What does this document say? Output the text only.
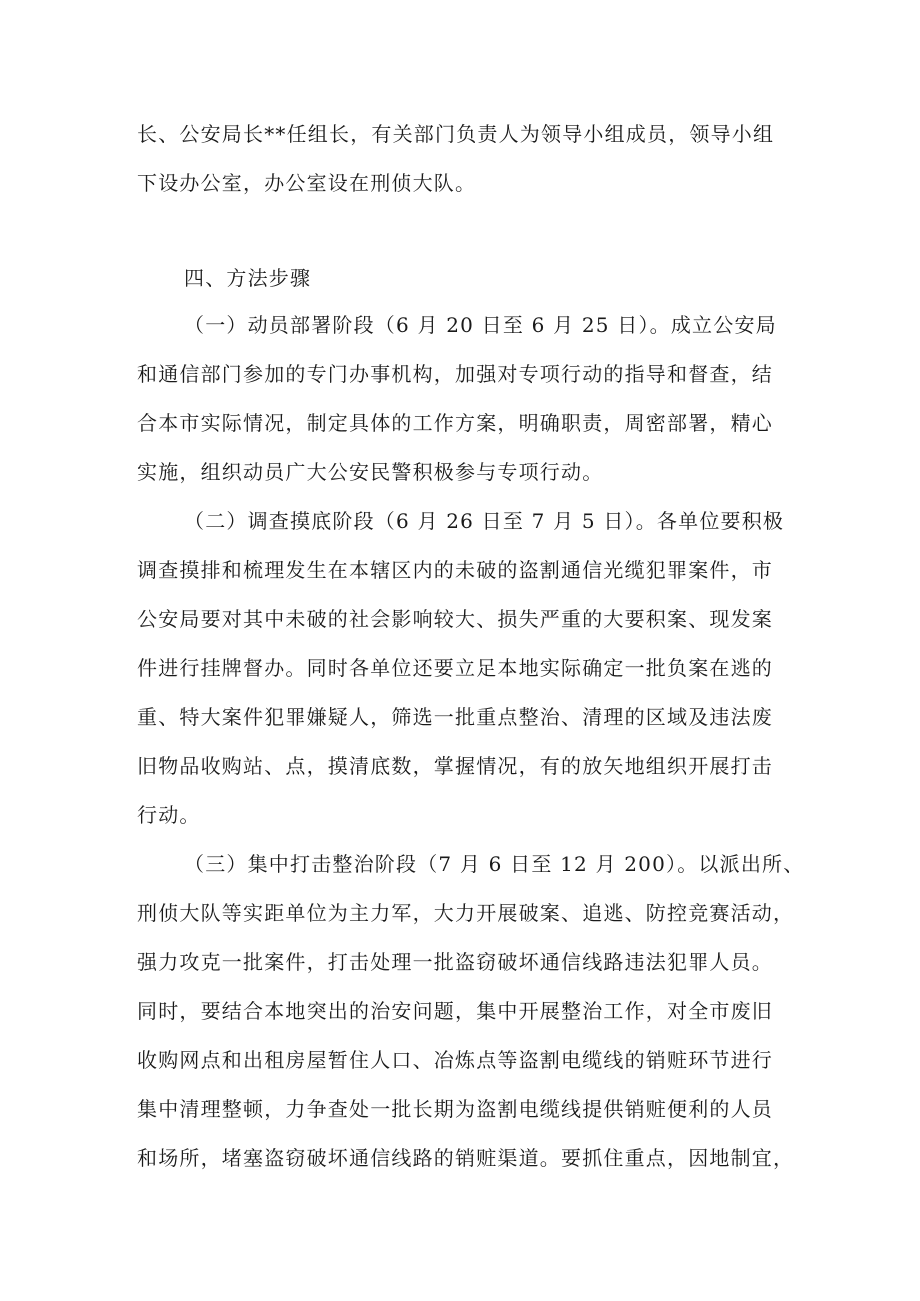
长、公安局长**任组长，有关部门负责人为领导小组成员，领导小组
下设办公室，办公室设在刑侦大队。
四、方法步骤
（一）动员部署阶段（6 月 20 日至 6 月 25 日）。成立公安局
和通信部门参加的专门办事机构，加强对专项行动的指导和督查，结
合本市实际情况，制定具体的工作方案，明确职责，周密部署，精心
实施，组织动员广大公安民警积极参与专项行动。
（二）调查摸底阶段（6 月 26 日至 7 月 5 日）。各单位要积极
调查摸排和梳理发生在本辖区内的未破的盗割通信光缆犯罪案件，市
公安局要对其中未破的社会影响较大、损失严重的大要积案、现发案
件进行挂牌督办。同时各单位还要立足本地实际确定一批负案在逃的
重、特大案件犯罪嫌疑人，筛选一批重点整治、清理的区域及违法废
旧物品收购站、点，摸清底数，掌握情况，有的放矢地组织开展打击
行动。
（三）集中打击整治阶段（7 月 6 日至 12 月 200）。以派出所、
刑侦大队等实距单位为主力军，大力开展破案、追逃、防控竞赛活动，
强力攻克一批案件，打击处理一批盗窃破坏通信线路违法犯罪人员。
同时，要结合本地突出的治安问题，集中开展整治工作，对全市废旧
收购网点和出租房屋暂住人口、冶炼点等盗割电缆线的销赃环节进行
集中清理整顿，力争查处一批长期为盗割电缆线提供销赃便利的人员
和场所，堵塞盗窃破坏通信线路的销赃渠道。要抓住重点，因地制宜，
